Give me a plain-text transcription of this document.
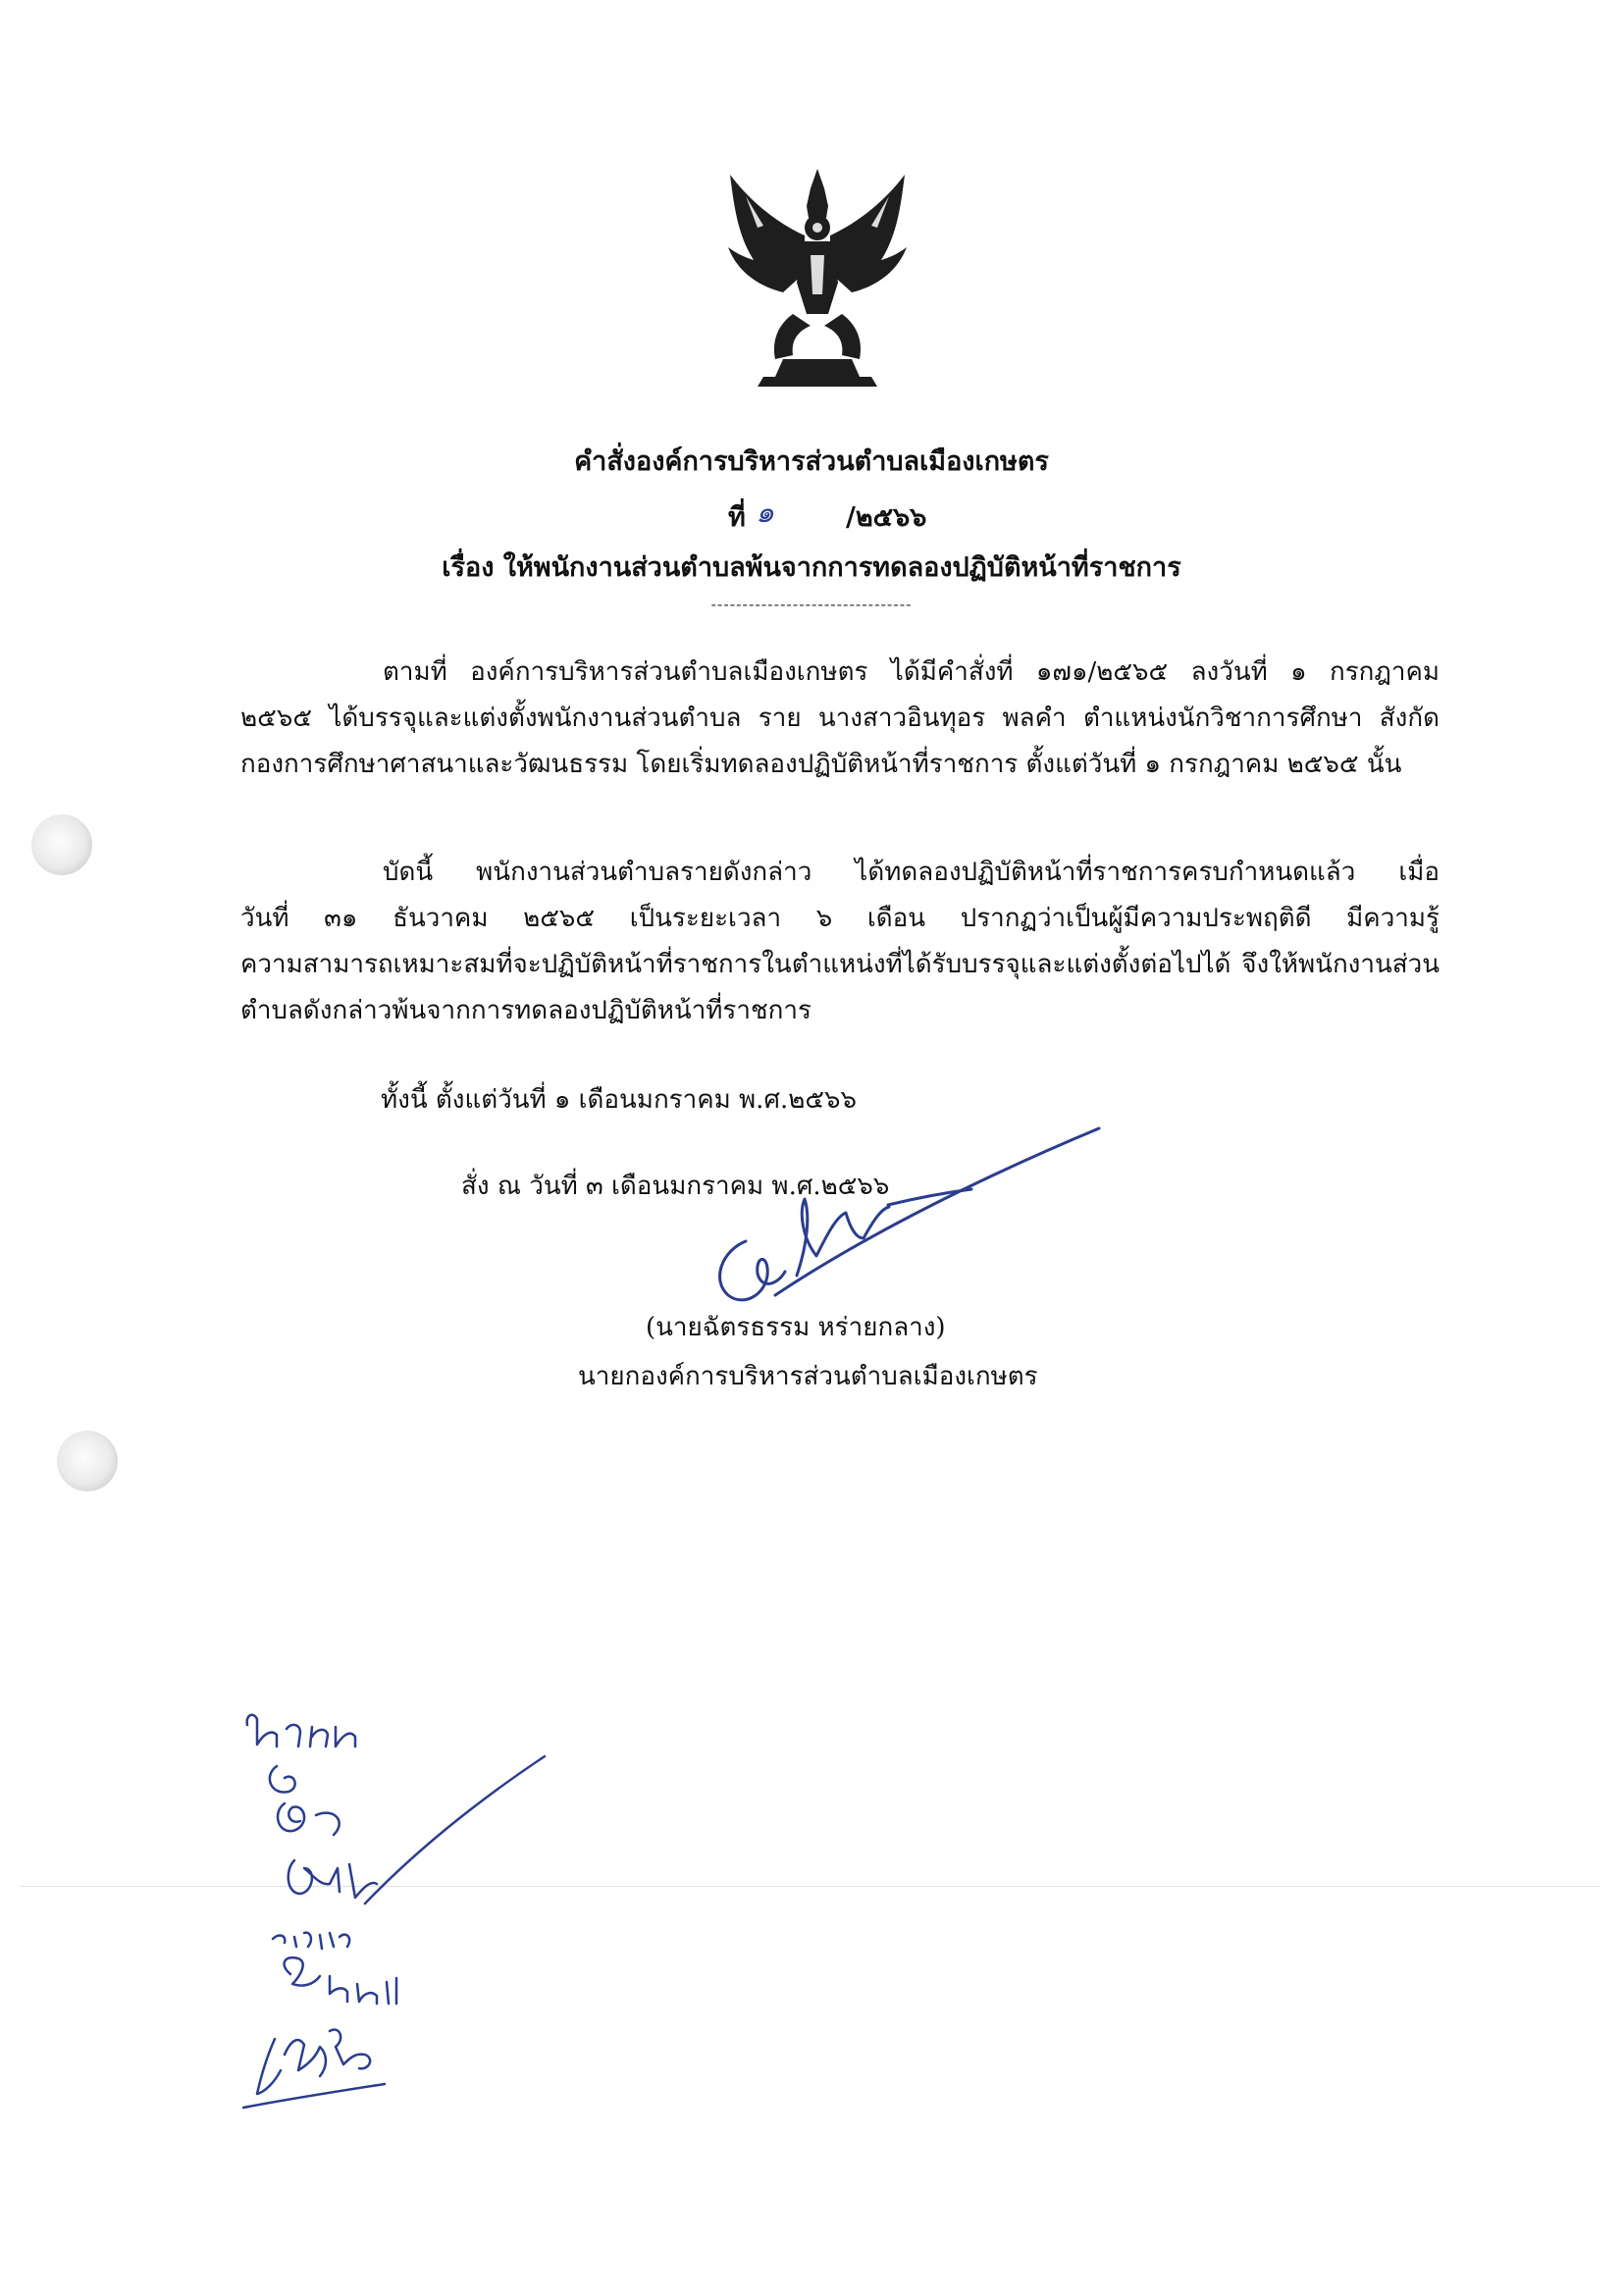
คำสั่งองค์การบริหารส่วนตำบลเมืองเกษตร
ที่ ๑	/๒๕๖๖
เรื่อง ให้พนักงานส่วนตำบลพ้นจากการทดลองปฏิบัติหน้าที่ราชการ
--------------------------------
ตามที่ องค์การบริหารส่วนตำบลเมืองเกษตร ได้มีคำสั่งที่ ๑๗๑/๒๕๖๕ ลงวันที่ ๑ กรกฎาคม
๒๕๖๕ ได้บรรจุและแต่งตั้งพนักงานส่วนตำบล ราย นางสาวอินทุอร พลคำ ตำแหน่งนักวิชาการศึกษา สังกัด
กองการศึกษาศาสนาและวัฒนธรรม โดยเริ่มทดลองปฏิบัติหน้าที่ราชการ ตั้งแต่วันที่ ๑ กรกฎาคม ๒๕๖๕ นั้น
บัดนี้ พนักงานส่วนตำบลรายดังกล่าว ได้ทดลองปฏิบัติหน้าที่ราชการครบกำหนดแล้ว เมื่อ
วันที่ ๓๑ ธันวาคม ๒๕๖๕ เป็นระยะเวลา ๖ เดือน ปรากฏว่าเป็นผู้มีความประพฤติดี มีความรู้
ความสามารถเหมาะสมที่จะปฏิบัติหน้าที่ราชการในตำแหน่งที่ได้รับบรรจุและแต่งตั้งต่อไปได้ จึงให้พนักงานส่วน
ตำบลดังกล่าวพ้นจากการทดลองปฏิบัติหน้าที่ราชการ
ทั้งนี้ ตั้งแต่วันที่ ๑ เดือนมกราคม พ.ศ.๒๕๖๖
สั่ง ณ วันที่ ๓ เดือนมกราคม พ.ศ.๒๕๖๖
(นายฉัตรธรรม หร่ายกลาง)
นายกองค์การบริหารส่วนตำบลเมืองเกษตร
